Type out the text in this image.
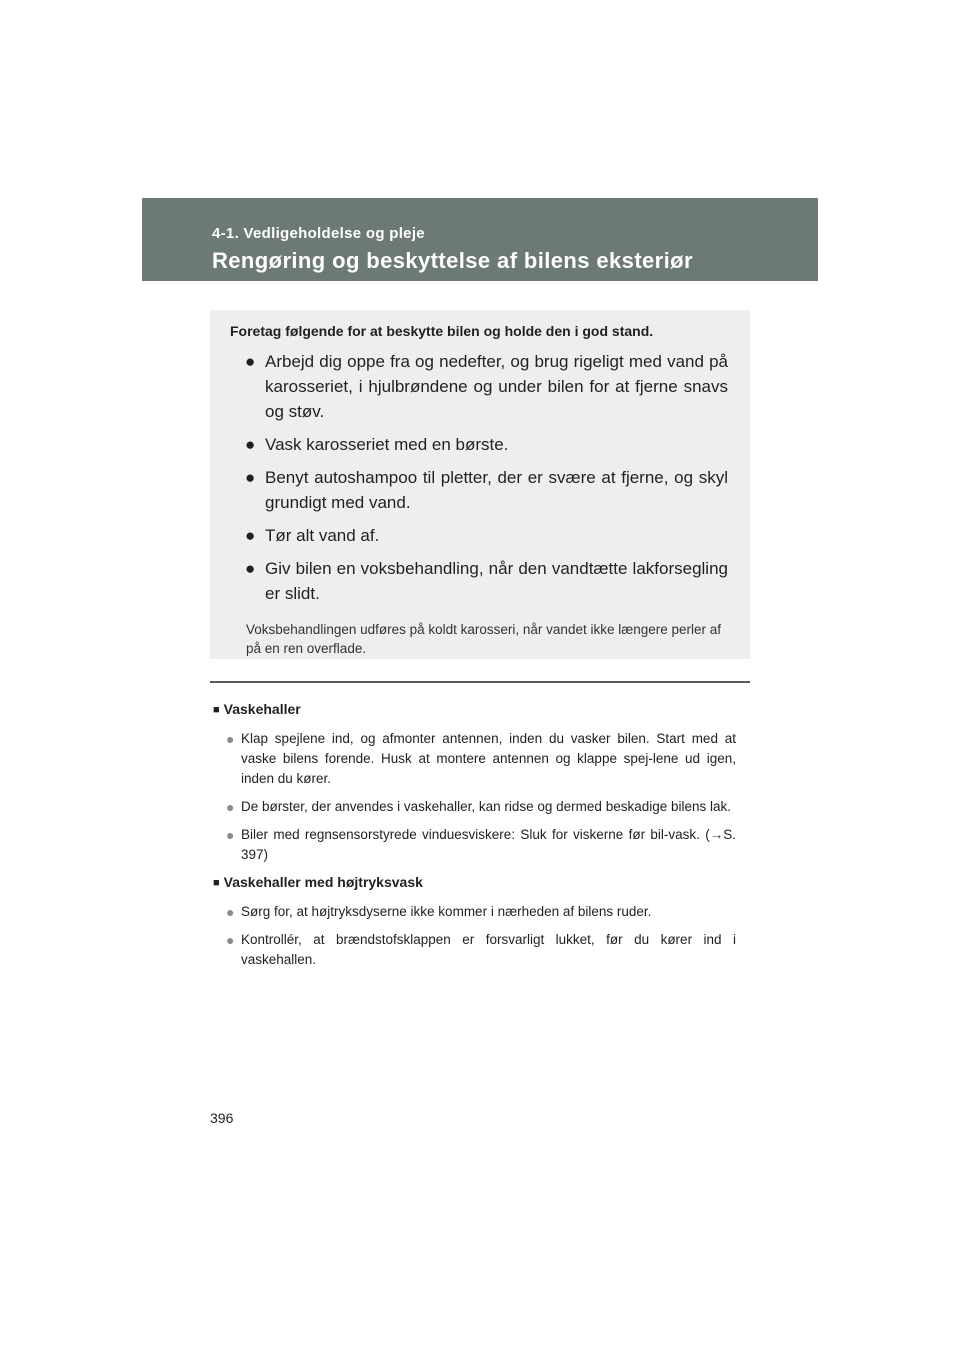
4-1. Vedligeholdelse og pleje
Rengøring og beskyttelse af bilens eksteriør

Foretag følgende for at beskytte bilen og holde den i god stand.

● Arbejd dig oppe fra og nedefter, og brug rigeligt med vand på karosseriet, i hjulbrøndene og under bilen for at fjerne snavs og støv.

● Vask karosseriet med en børste.

● Benyt autoshampoo til pletter, der er svære at fjerne, og skyl grundigt med vand.

● Tør alt vand af.

● Giv bilen en voksbehandling, når den vandtætte lakforsegling er slidt.

Voksbehandlingen udføres på koldt karosseri, når vandet ikke længere perler af på en ren overflade.

■ Vaskehaller

● Klap spejlene ind, og afmonter antennen, inden du vasker bilen. Start med at vaske bilens forende. Husk at montere antennen og klappe spej-lene ud igen, inden du kører.

● De børster, der anvendes i vaskehaller, kan ridse og dermed beskadige bilens lak.

● Biler med regnsensorstyrede vinduesviskere: Sluk for viskerne før bil-vask. (→S. 397)

■ Vaskehaller med højtryksvask

● Sørg for, at højtryksdyserne ikke kommer i nærheden af bilens ruder.

● Kontrollér, at brændstofsklappen er forsvarligt lukket, før du kører ind i vaskehallen.

396
